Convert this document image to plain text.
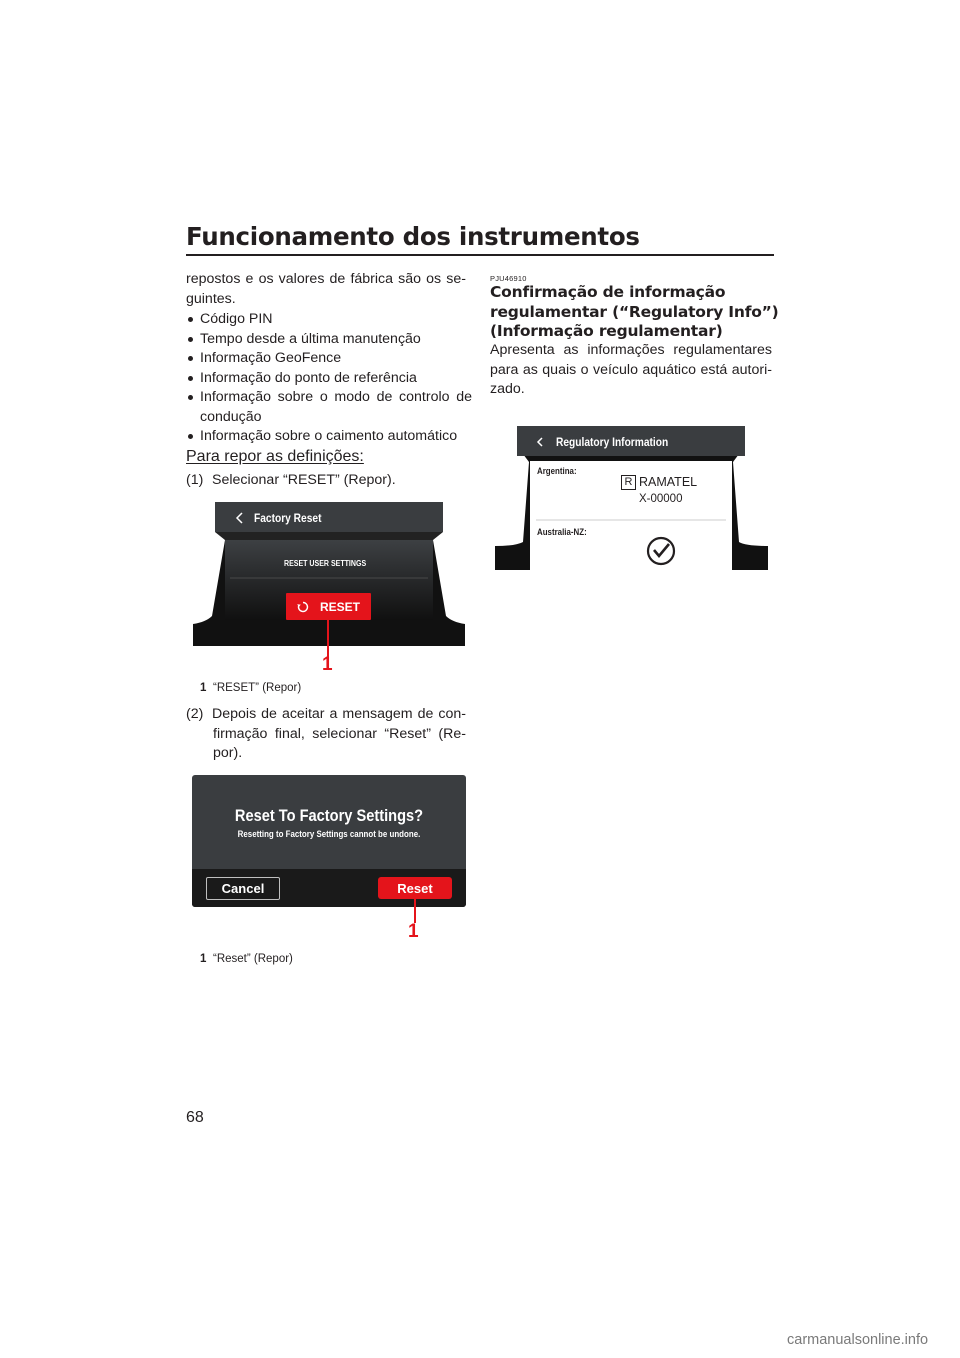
Funcionamento dos instrumentos
repostos e os valores de fábrica são os se-
guintes.
Código PIN
Tempo desde a última manutenção
Informação GeoFence
Informação do ponto de referência
Informação sobre o modo de controlo de
condução
Informação sobre o caimento automático
Para repor as definições:
(1) Selecionar “RESET” (Repor).
Factory Reset
RESET USER SETTINGS
RESET
1
1 “RESET” (Repor)
(2) Depois de aceitar a mensagem de con-
firmação final, selecionar “Reset” (Re-
por).
Reset To Factory Settings?
Resetting to Factory Settings cannot be undone.
Cancel	Reset
1
1 “Reset” (Repor)
PJU46910
Confirmação de informação
regulamentar (“Regulatory Info”)
(Informação regulamentar)
Apresenta as informações regulamentares
para as quais o veículo aquático está autori-
zado.
Regulatory Information
Argentina:
R RAMATEL
X-00000
Australia-NZ:
68
carmanualsonline.info
